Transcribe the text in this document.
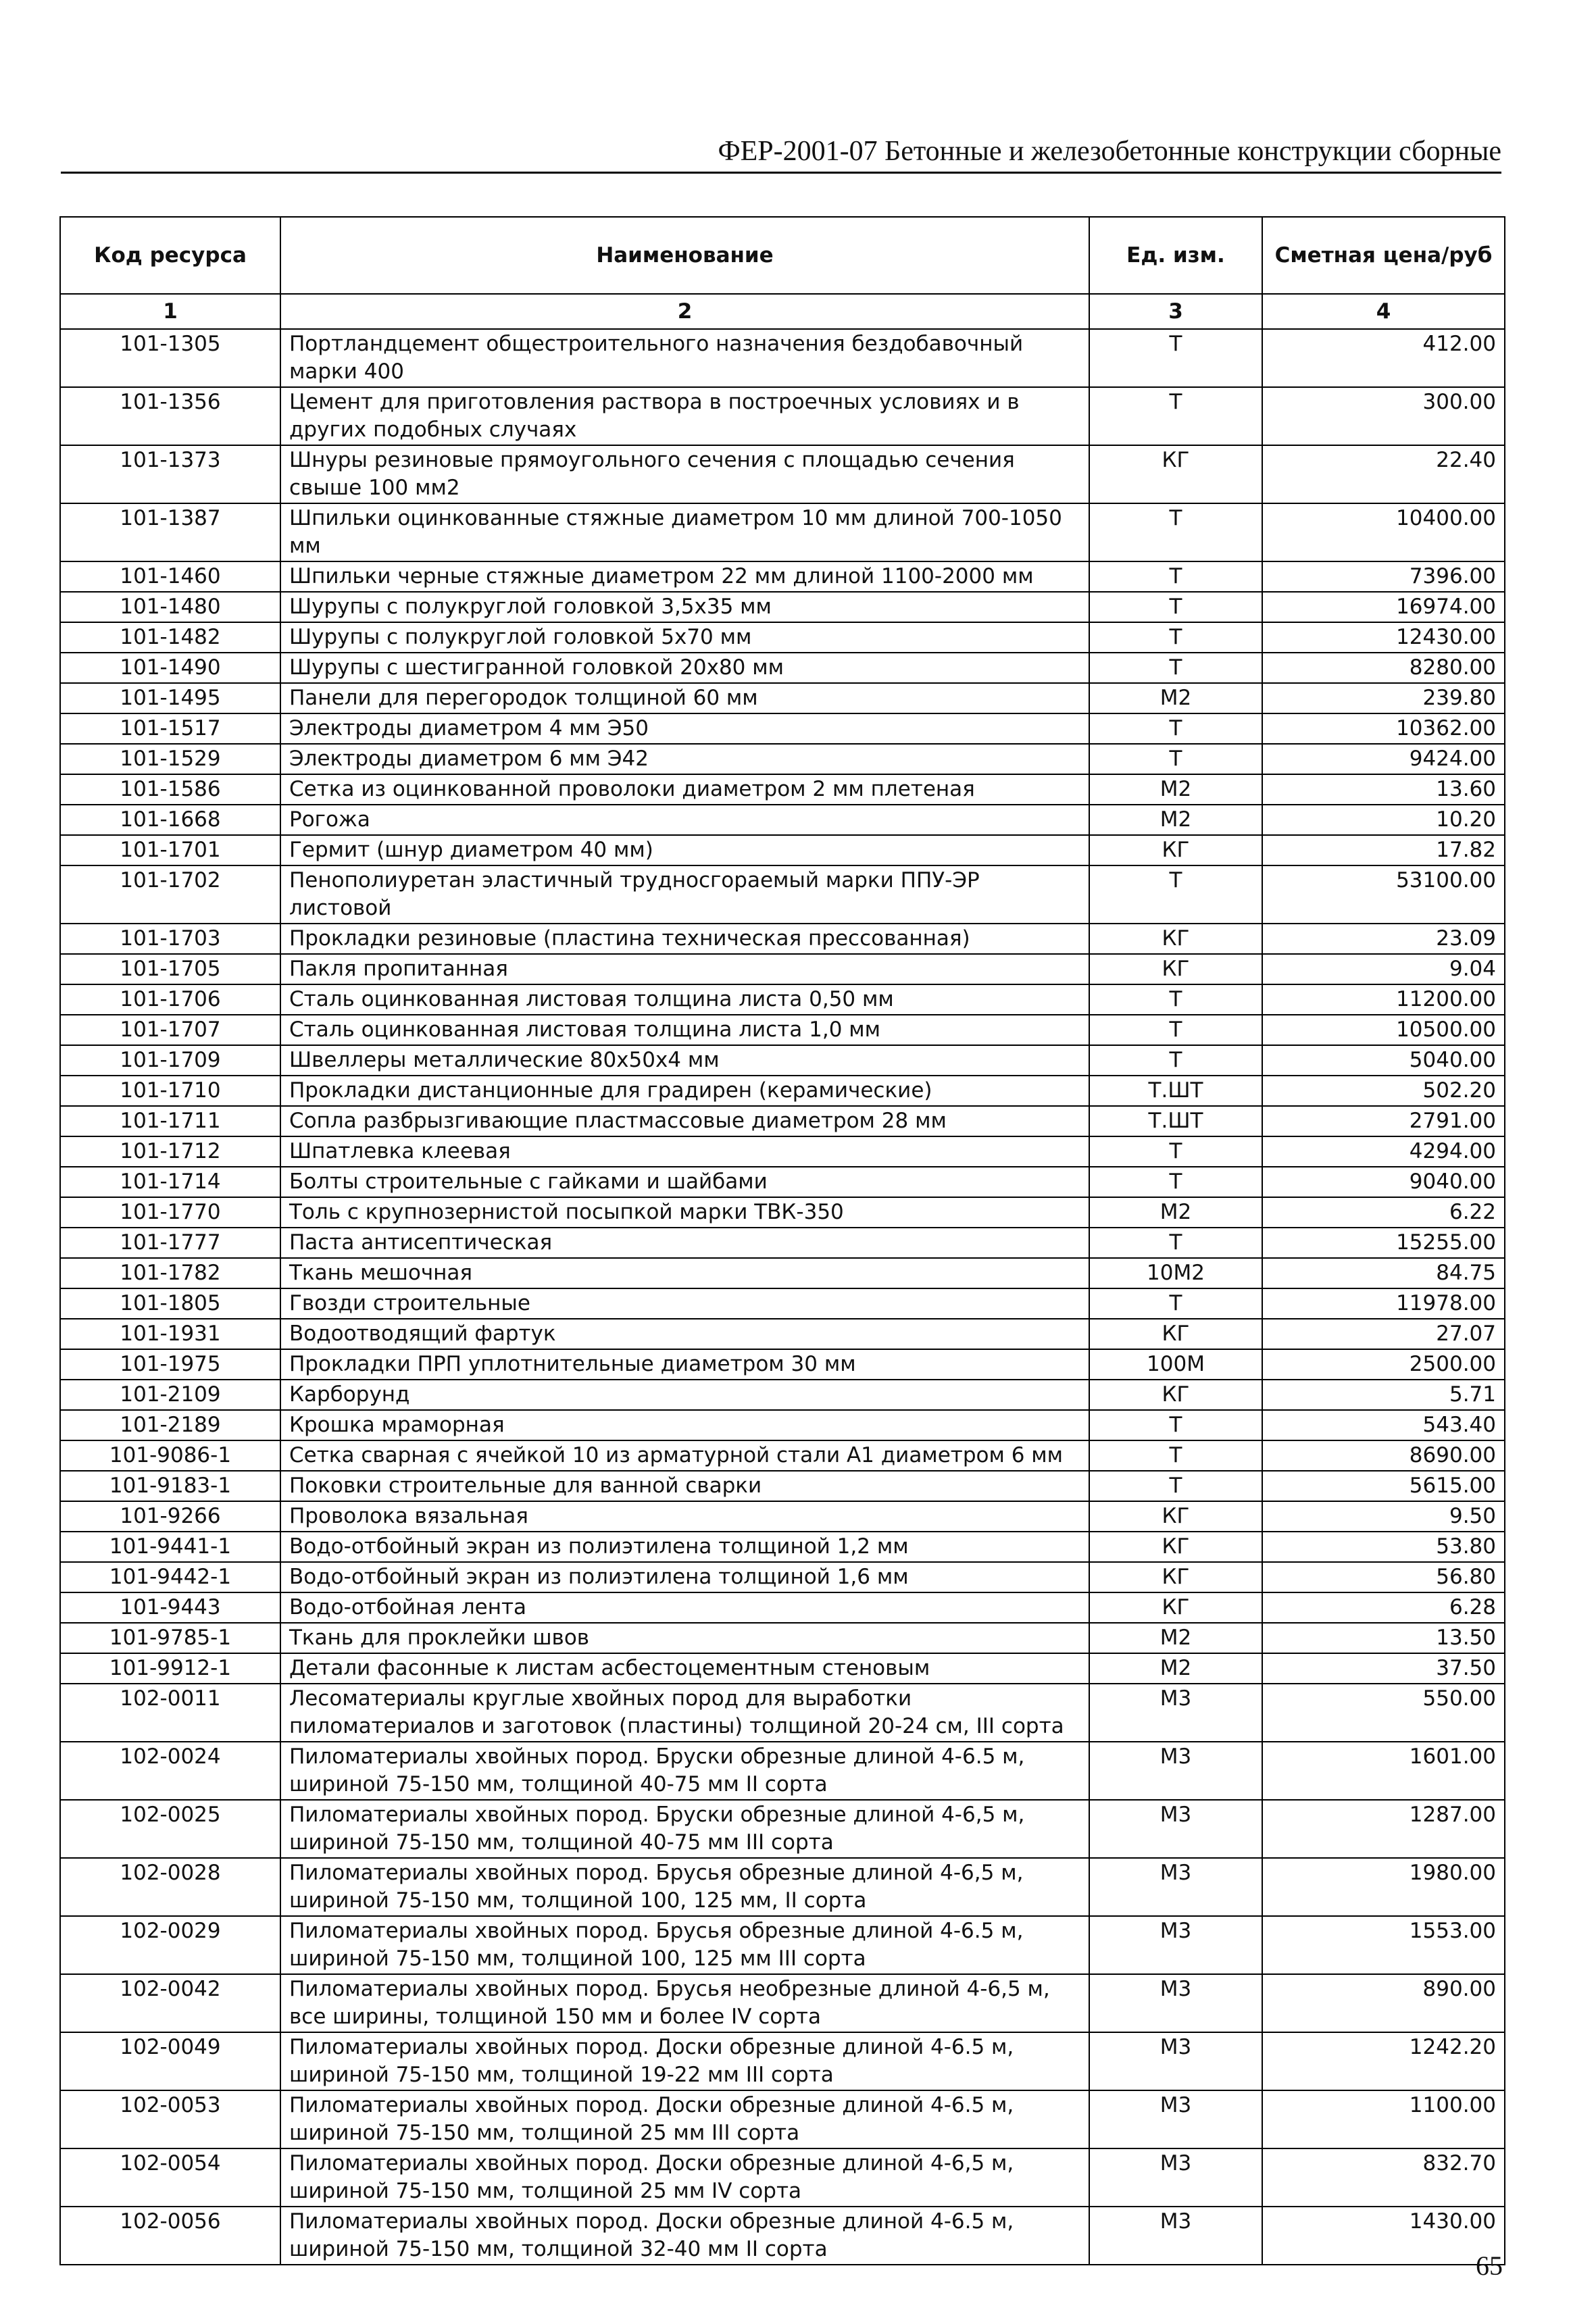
ФЕР-2001-07 Бетонные и железобетонные конструкции сборные
Код ресурса	Наименование	Ед. изм.	Сметная цена/руб
1	2	3	4
101-1305	Портландцемент общестроительного назначения бездобавочный марки 400	Т	412.00
101-1356	Цемент для приготовления раствора в построечных условиях и в других подобных случаях	Т	300.00
101-1373	Шнуры резиновые прямоугольного сечения с площадью сечения свыше 100 мм2	КГ	22.40
101-1387	Шпильки оцинкованные стяжные диаметром 10 мм длиной 700-1050 мм	Т	10400.00
101-1460	Шпильки черные стяжные диаметром 22 мм длиной 1100-2000 мм	Т	7396.00
101-1480	Шурупы с полукруглой головкой 3,5х35 мм	Т	16974.00
101-1482	Шурупы с полукруглой головкой 5х70 мм	Т	12430.00
101-1490	Шурупы с шестигранной головкой 20х80 мм	Т	8280.00
101-1495	Панели для перегородок толщиной 60 мм	М2	239.80
101-1517	Электроды диаметром 4 мм Э50	Т	10362.00
101-1529	Электроды диаметром 6 мм Э42	Т	9424.00
101-1586	Сетка из оцинкованной проволоки диаметром 2 мм плетеная	М2	13.60
101-1668	Рогожа	М2	10.20
101-1701	Гермит (шнур диаметром 40 мм)	КГ	17.82
101-1702	Пенополиуретан эластичный трудносгораемый марки ППУ-ЭР листовой	Т	53100.00
101-1703	Прокладки резиновые (пластина техническая прессованная)	КГ	23.09
101-1705	Пакля пропитанная	КГ	9.04
101-1706	Сталь оцинкованная листовая толщина листа 0,50 мм	Т	11200.00
101-1707	Сталь оцинкованная листовая толщина листа 1,0 мм	Т	10500.00
101-1709	Швеллеры металлические 80х50х4 мм	Т	5040.00
101-1710	Прокладки дистанционные для градирен (керамические)	Т.ШТ	502.20
101-1711	Сопла разбрызгивающие пластмассовые диаметром 28 мм	Т.ШТ	2791.00
101-1712	Шпатлевка клеевая	Т	4294.00
101-1714	Болты строительные с гайками и шайбами	Т	9040.00
101-1770	Толь с крупнозернистой посыпкой марки ТВК-350	М2	6.22
101-1777	Паста антисептическая	Т	15255.00
101-1782	Ткань мешочная	10М2	84.75
101-1805	Гвозди строительные	Т	11978.00
101-1931	Водоотводящий фартук	КГ	27.07
101-1975	Прокладки ПРП уплотнительные диаметром 30 мм	100М	2500.00
101-2109	Карборунд	КГ	5.71
101-2189	Крошка мраморная	Т	543.40
101-9086-1	Сетка сварная с ячейкой 10 из арматурной стали А1 диаметром 6 мм	Т	8690.00
101-9183-1	Поковки строительные для ванной сварки	Т	5615.00
101-9266	Проволока вязальная	КГ	9.50
101-9441-1	Водо-отбойный экран из полиэтилена толщиной 1,2 мм	КГ	53.80
101-9442-1	Водо-отбойный экран из полиэтилена толщиной 1,6 мм	КГ	56.80
101-9443	Водо-отбойная лента	КГ	6.28
101-9785-1	Ткань для проклейки швов	М2	13.50
101-9912-1	Детали фасонные к листам асбестоцементным стеновым	М2	37.50
102-0011	Лесоматериалы круглые хвойных пород для выработки пиломатериалов и заготовок (пластины) толщиной 20-24 см, III сорта	М3	550.00
102-0024	Пиломатериалы хвойных пород. Бруски обрезные длиной 4-6.5 м, шириной 75-150 мм, толщиной 40-75 мм II сорта	М3	1601.00
102-0025	Пиломатериалы хвойных пород. Бруски обрезные длиной 4-6,5 м, шириной 75-150 мм, толщиной 40-75 мм III сорта	М3	1287.00
102-0028	Пиломатериалы хвойных пород. Брусья обрезные длиной 4-6,5 м, шириной 75-150 мм, толщиной 100, 125 мм, II сорта	М3	1980.00
102-0029	Пиломатериалы хвойных пород. Брусья обрезные длиной 4-6.5 м, шириной 75-150 мм, толщиной 100, 125 мм III сорта	М3	1553.00
102-0042	Пиломатериалы хвойных пород. Брусья необрезные длиной 4-6,5 м, все ширины, толщиной 150 мм и более IV сорта	М3	890.00
102-0049	Пиломатериалы хвойных пород. Доски обрезные длиной 4-6.5 м, шириной 75-150 мм, толщиной 19-22 мм III сорта	М3	1242.20
102-0053	Пиломатериалы хвойных пород. Доски обрезные длиной 4-6.5 м, шириной 75-150 мм, толщиной 25 мм III сорта	М3	1100.00
102-0054	Пиломатериалы хвойных пород. Доски обрезные длиной 4-6,5 м, шириной 75-150 мм, толщиной 25 мм IV сорта	М3	832.70
102-0056	Пиломатериалы хвойных пород. Доски обрезные длиной 4-6.5 м, шириной 75-150 мм, толщиной 32-40 мм II сорта	М3	1430.00
65
